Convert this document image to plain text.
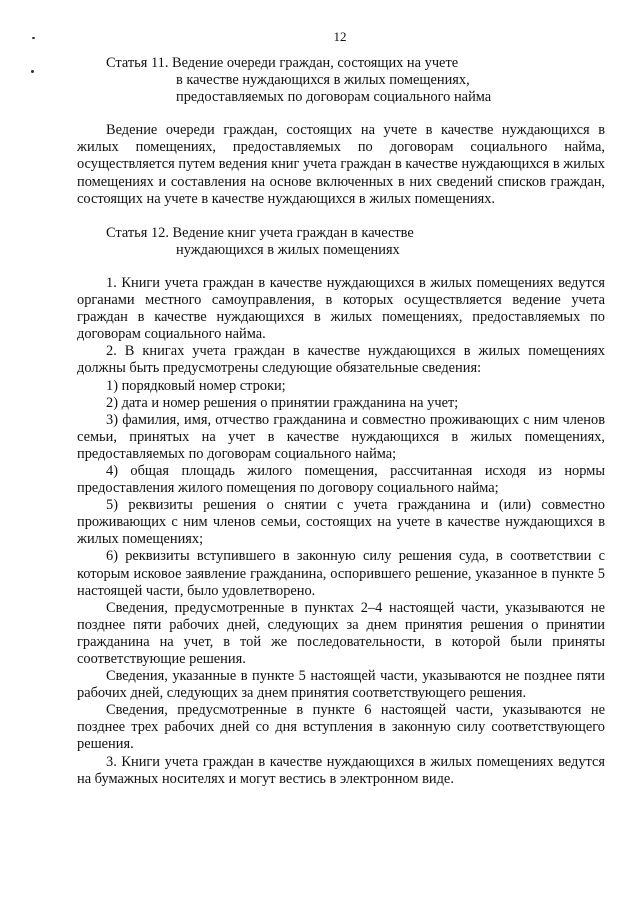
12
Статья 11. Ведение очереди граждан, состоящих на учете
в качестве нуждающихся в жилых помещениях,
предоставляемых по договорам социального найма

Ведение очереди граждан, состоящих на учете в качестве нуждающихся в жилых помещениях, предоставляемых по договорам социального найма, осуществляется путем ведения книг учета граждан в качестве нуждающихся в жилых помещениях и составления на основе включенных в них сведений списков граждан, состоящих на учете в качестве нуждающихся в жилых помещениях.

Статья 12. Ведение книг учета граждан в качестве
нуждающихся в жилых помещениях

1. Книги учета граждан в качестве нуждающихся в жилых помещениях ведутся органами местного самоуправления, в которых осуществляется ведение учета граждан в качестве нуждающихся в жилых помещениях, предоставляемых по договорам социального найма.

2. В книгах учета граждан в качестве нуждающихся в жилых помещениях должны быть предусмотрены следующие обязательные сведения:

1) порядковый номер строки;

2) дата и номер решения о принятии гражданина на учет;

3) фамилия, имя, отчество гражданина и совместно проживающих с ним членов семьи, принятых на учет в качестве нуждающихся в жилых помещениях, предоставляемых по договорам социального найма;

4) общая площадь жилого помещения, рассчитанная исходя из нормы предоставления жилого помещения по договору социального найма;

5) реквизиты решения о снятии с учета гражданина и (или) совместно проживающих с ним членов семьи, состоящих на учете в качестве нуждающихся в жилых помещениях;

6) реквизиты вступившего в законную силу решения суда, в соответствии с которым исковое заявление гражданина, оспорившего решение, указанное в пункте 5 настоящей части, было удовлетворено.

Сведения, предусмотренные в пунктах 2–4 настоящей части, указываются не позднее пяти рабочих дней, следующих за днем принятия решения о принятии гражданина на учет, в той же последовательности, в которой были приняты соответствующие решения.

Сведения, указанные в пункте 5 настоящей части, указываются не позднее пяти рабочих дней, следующих за днем принятия соответствующего решения.

Сведения, предусмотренные в пункте 6 настоящей части, указываются не позднее трех рабочих дней со дня вступления в законную силу соответствующего решения.

3. Книги учета граждан в качестве нуждающихся в жилых помещениях ведутся на бумажных носителях и могут вестись в электронном виде.
